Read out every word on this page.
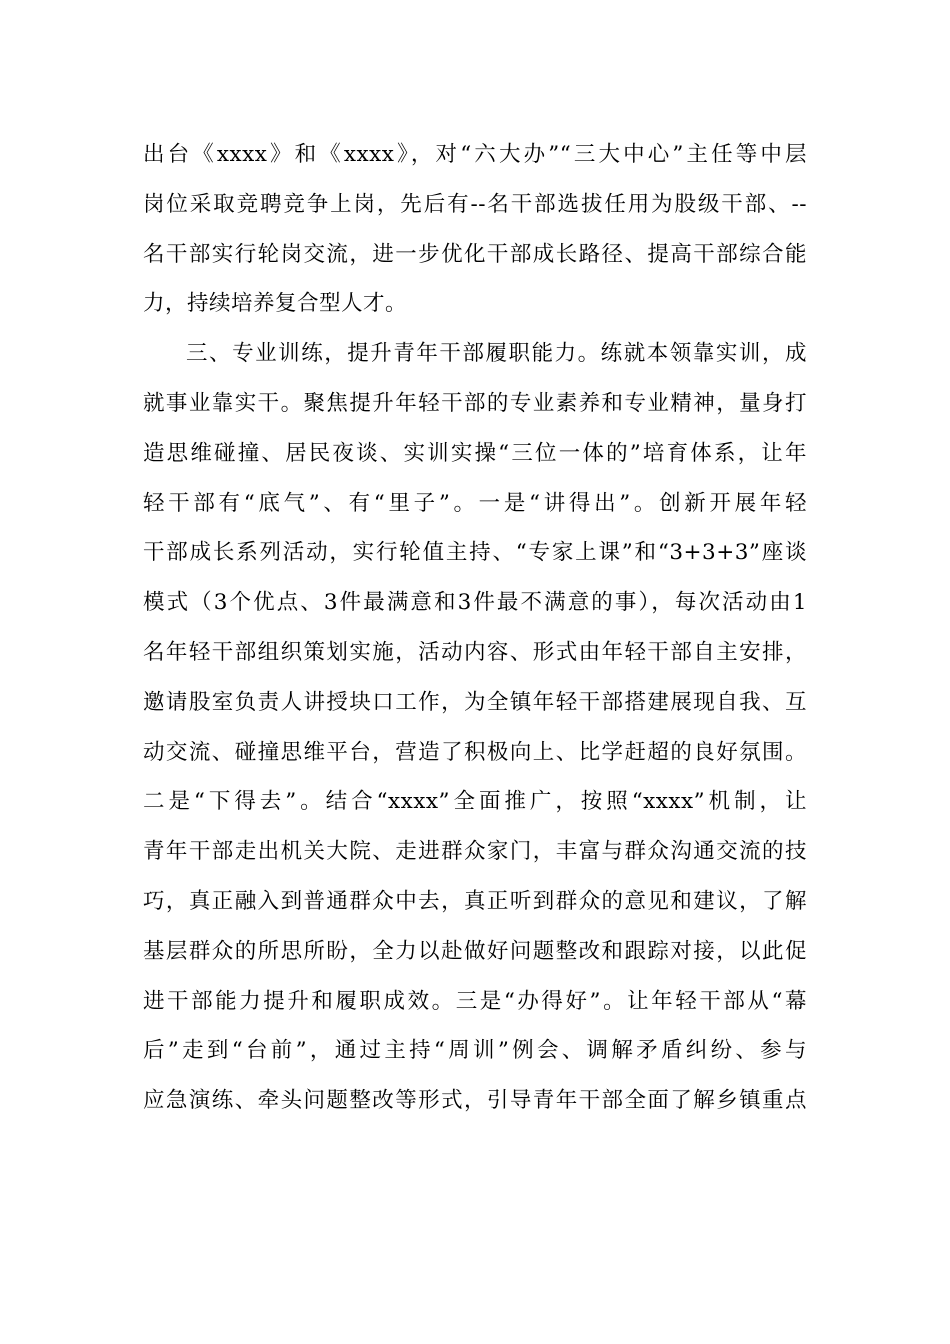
出台《xxxx》和《xxxx》，对“六大办”“三大中心”主任等中层
岗位采取竞聘竞争上岗，先后有--名干部选拔任用为股级干部、--
名干部实行轮岗交流，进一步优化干部成长路径、提高干部综合能
力，持续培养复合型人才。
三、专业训练，提升青年干部履职能力。练就本领靠实训，成
就事业靠实干。聚焦提升年轻干部的专业素养和专业精神，量身打
造思维碰撞、居民夜谈、实训实操“三位一体的”培育体系，让年
轻干部有“底气”、有“里子”。一是“讲得出”。创新开展年轻
干部成长系列活动，实行轮值主持、“专家上课”和“3+3+3”座谈
模式（3个优点、3件最满意和3件最不满意的事），每次活动由1
名年轻干部组织策划实施，活动内容、形式由年轻干部自主安排，
邀请股室负责人讲授块口工作，为全镇年轻干部搭建展现自我、互
动交流、碰撞思维平台，营造了积极向上、比学赶超的良好氛围。
二是“下得去”。结合“xxxx”全面推广，按照“xxxx”机制，让
青年干部走出机关大院、走进群众家门，丰富与群众沟通交流的技
巧，真正融入到普通群众中去，真正听到群众的意见和建议，了解
基层群众的所思所盼，全力以赴做好问题整改和跟踪对接，以此促
进干部能力提升和履职成效。三是“办得好”。让年轻干部从“幕
后”走到“台前”，通过主持“周训”例会、调解矛盾纠纷、参与
应急演练、牵头问题整改等形式，引导青年干部全面了解乡镇重点
